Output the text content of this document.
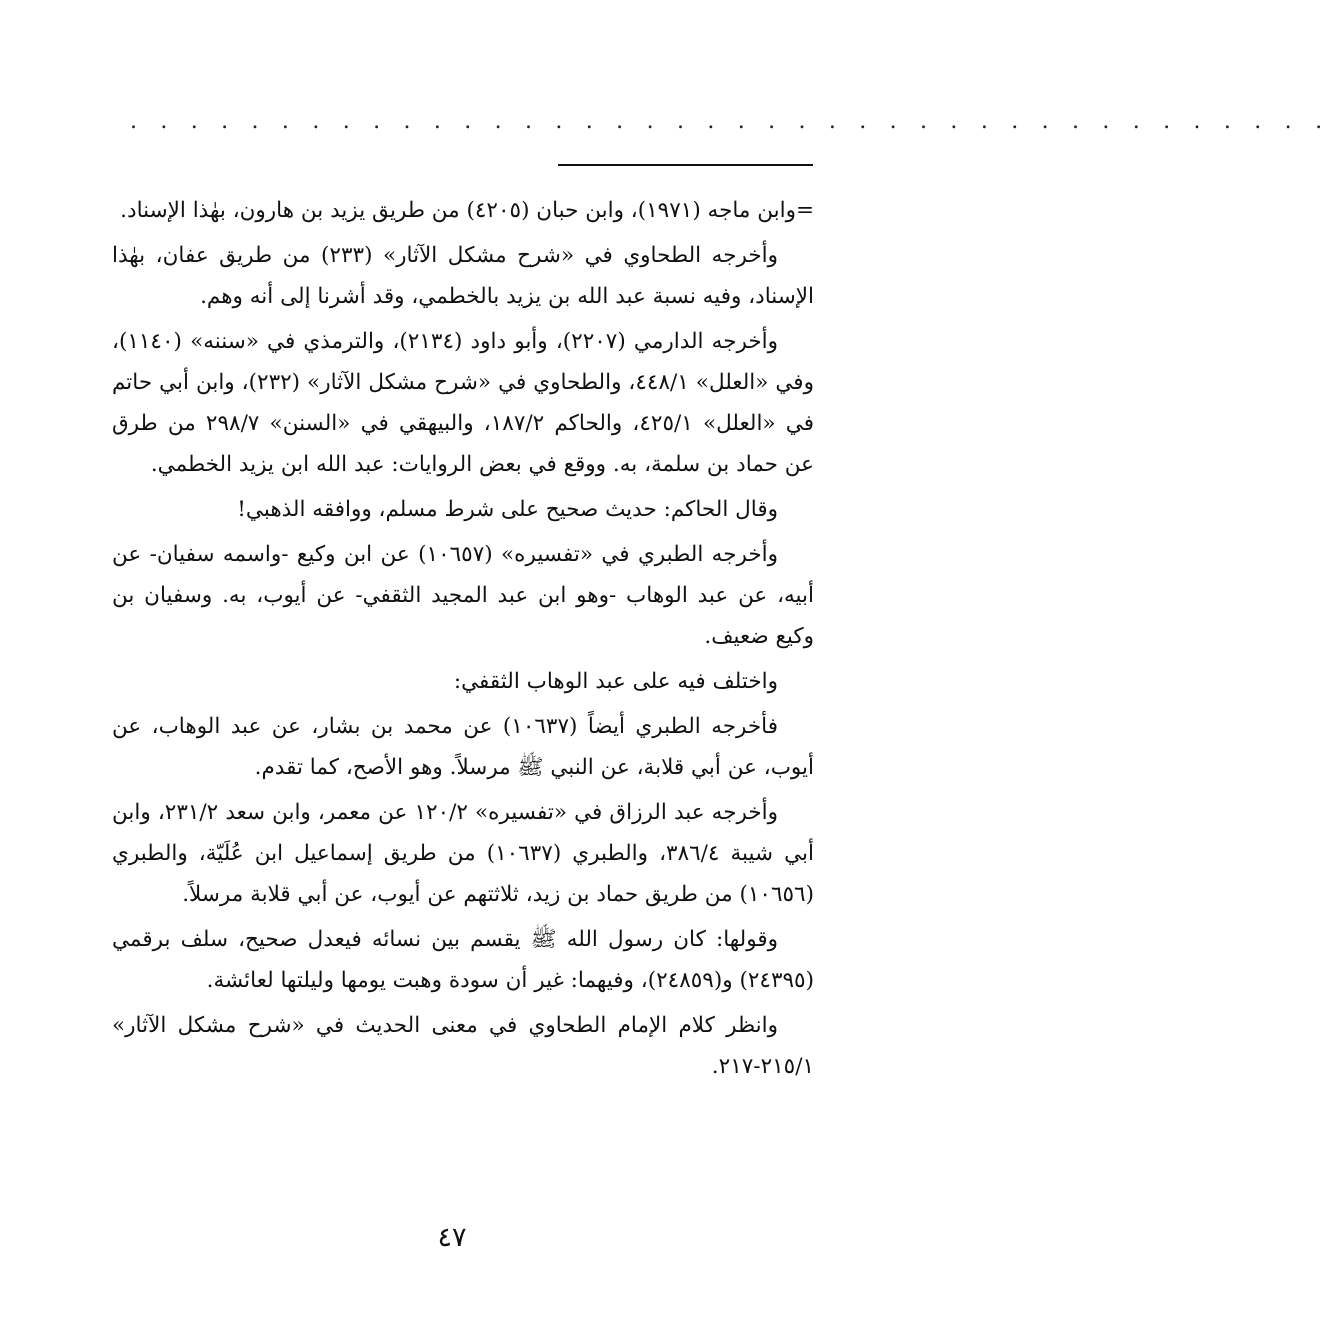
. . . . . . . . . . . . . . . . . . . . . . . . . . . . . . . . . . . . . . . .

=وابن ماجه (١٩٧١)، وابن حبان (٤٢٠٥) من طريق يزيد بن هارون، بهٰذا الإسناد.

وأخرجه الطحاوي في «شرح مشكل الآثار» (٢٣٣) من طريق عفان، بهٰذا الإسناد، وفيه نسبة عبد الله بن يزيد بالخطمي، وقد أشرنا إلى أنه وهم.

وأخرجه الدارمي (٢٢٠٧)، وأبو داود (٢١٣٤)، والترمذي في «سننه» (١١٤٠)، وفي «العلل» ٤٤٨/١، والطحاوي في «شرح مشكل الآثار» (٢٣٢)، وابن أبي حاتم في «العلل» ٤٢٥/١، والحاكم ١٨٧/٢، والبيهقي في «السنن» ٢٩٨/٧ من طرق عن حماد بن سلمة، به. ووقع في بعض الروايات: عبد الله ابن يزيد الخطمي.

وقال الحاكم: حديث صحيح على شرط مسلم، ووافقه الذهبي!

وأخرجه الطبري في «تفسيره» (١٠٦٥٧) عن ابن وكيع -واسمه سفيان- عن أبيه، عن عبد الوهاب -وهو ابن عبد المجيد الثقفي- عن أيوب، به. وسفيان بن وكيع ضعيف.

واختلف فيه على عبد الوهاب الثقفي:

فأخرجه الطبري أيضاً (١٠٦٣٧) عن محمد بن بشار، عن عبد الوهاب، عن أيوب، عن أبي قلابة، عن النبي ﷺ مرسلاً. وهو الأصح، كما تقدم.

وأخرجه عبد الرزاق في «تفسيره» ١٢٠/٢ عن معمر، وابن سعد ٢٣١/٢، وابن أبي شيبة ٣٨٦/٤، والطبري (١٠٦٣٧) من طريق إسماعيل ابن عُلَيّة، والطبري (١٠٦٥٦) من طريق حماد بن زيد، ثلاثتهم عن أيوب، عن أبي قلابة مرسلاً.

وقولها: كان رسول الله ﷺ يقسم بين نسائه فيعدل صحيح، سلف برقمي (٢٤٣٩٥) و(٢٤٨٥٩)، وفيهما: غير أن سودة وهبت يومها وليلتها لعائشة.

وانظر كلام الإمام الطحاوي في معنى الحديث في «شرح مشكل الآثار» ٢١٥/١-٢١٧.

٤٧
